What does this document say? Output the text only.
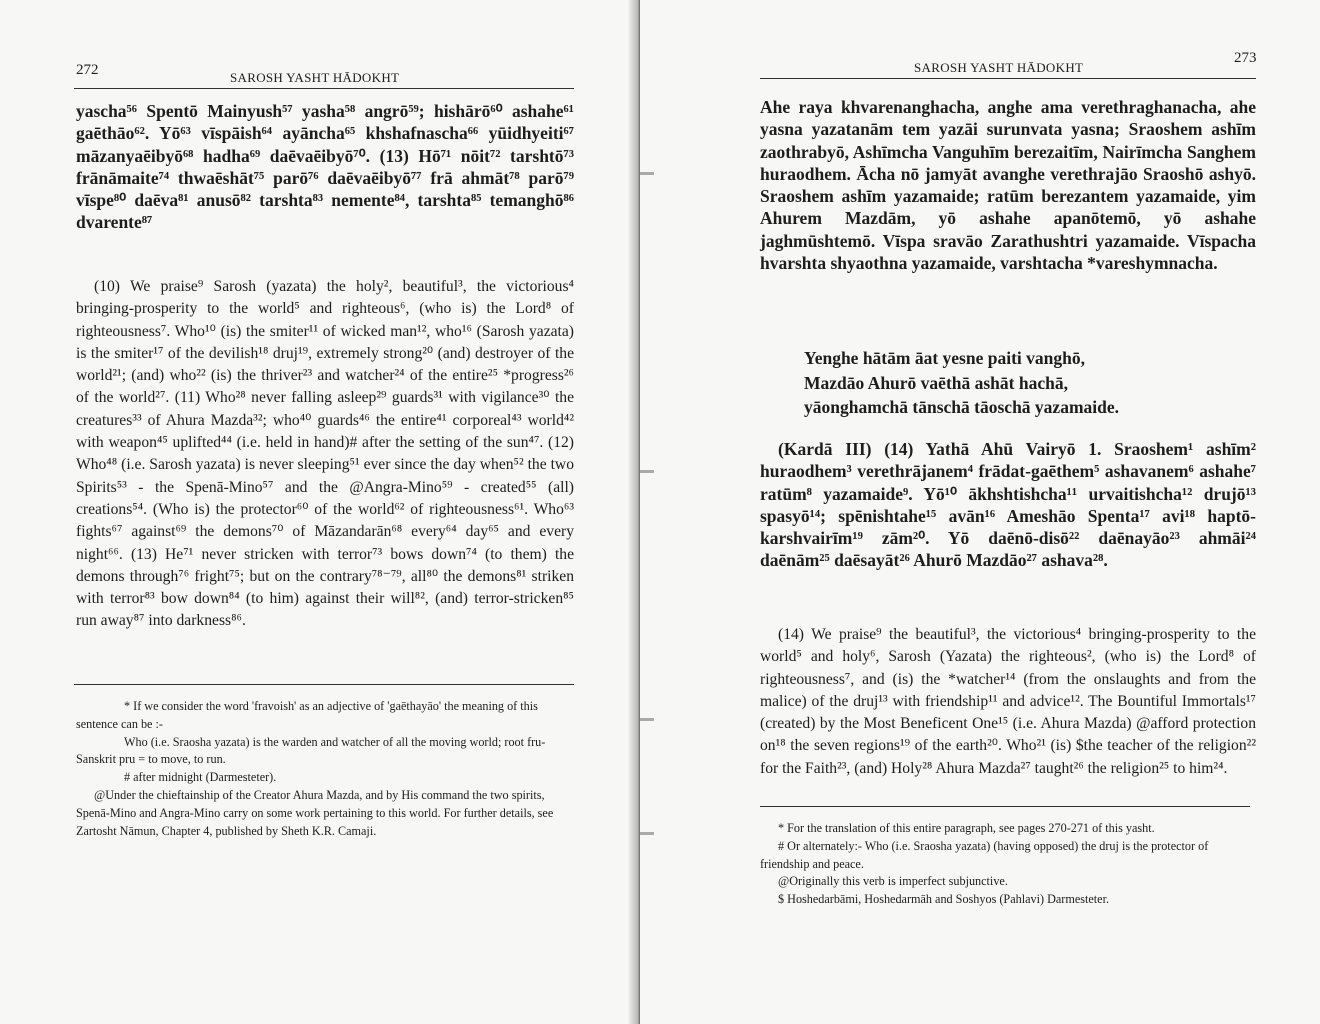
272	SAROSH YASHT HĀDOKHT

yascha⁵⁶ Spentō Mainyush⁵⁷ yasha⁵⁸ angrō⁵⁹; hishārō⁶⁰ ashahe⁶¹ gaēthāo⁶². Yō⁶³ vīspāish⁶⁴ ayāncha⁶⁵ khshafnascha⁶⁶ yūidhyeiti⁶⁷ māzanyaēibyō⁶⁸ hadha⁶⁹ daēvaēibyō⁷⁰. (13) Hō⁷¹ nōit⁷² tarshtō⁷³ frānāmaite⁷⁴ thwaēshāt⁷⁵ parō⁷⁶ daēvaēibyō⁷⁷ frā ahmāt⁷⁸ parō⁷⁹ vīspe⁸⁰ daēva⁸¹ anusō⁸² tarshta⁸³ nemente⁸⁴, tarshta⁸⁵ temanghō⁸⁶ dvarente⁸⁷

(10) We praise⁹ Sarosh (yazata) the holy², beautiful³, the victorious⁴ bringing-prosperity to the world⁵ and righteous⁶, (who is) the Lord⁸ of righteousness⁷. Who¹⁰ (is) the smiter¹¹ of wicked man¹², who¹⁶ (Sarosh yazata) is the smiter¹⁷ of the devilish¹⁸ druj¹⁹, extremely strong²⁰ (and) destroyer of the world²¹; (and) who²² (is) the thriver²³ and watcher²⁴ of the entire²⁵ *progress²⁶ of the world²⁷. (11) Who²⁸ never falling asleep²⁹ guards³¹ with vigilance³⁰ the creatures³³ of Ahura Mazda³²; who⁴⁰ guards⁴⁶ the entire⁴¹ corporeal⁴³ world⁴² with weapon⁴⁵ uplifted⁴⁴ (i.e. held in hand)# after the setting of the sun⁴⁷. (12) Who⁴⁸ (i.e. Sarosh yazata) is never sleeping⁵¹ ever since the day when⁵² the two Spirits⁵³ - the Spenā-Mino⁵⁷ and the @Angra-Mino⁵⁹ - created⁵⁵ (all) creations⁵⁴. (Who is) the protector⁶⁰ of the world⁶² of righteousness⁶¹. Who⁶³ fights⁶⁷ against⁶⁹ the demons⁷⁰ of Māzandarān⁶⁸ every⁶⁴ day⁶⁵ and every night⁶⁶. (13) He⁷¹ never stricken with terror⁷³ bows down⁷⁴ (to them) the demons through⁷⁶ fright⁷⁵; but on the contrary⁷⁸⁻⁷⁹, all⁸⁰ the demons⁸¹ striken with terror⁸³ bow down⁸⁴ (to him) against their will⁸², (and) terror-stricken⁸⁵ run away⁸⁷ into darkness⁸⁶.

* If we consider the word 'fravoish' as an adjective of 'gaēthayāo' the meaning of this sentence can be :-

Who (i.e. Sraosha yazata) is the warden and watcher of all the moving world; root fru-Sanskrit pru = to move, to run.

# after midnight (Darmesteter).

@Under the chieftainship of the Creator Ahura Mazda, and by His command the two spirits, Spenā-Mino and Angra-Mino carry on some work pertaining to this world. For further details, see Zartosht Nāmun, Chapter 4, published by Sheth K.R. Camaji.

273
SAROSH YASHT HĀDOKHT

Ahe raya khvarenanghacha, anghe ama verethraghanacha, ahe yasna yazatanām tem yazāi surunvata yasna; Sraoshem ashīm zaothrabyō, Ashīmcha Vanguhīm berezaitīm, Nairīmcha Sanghem huraodhem. Ācha nō jamyāt avanghe verethrajāo Sraoshō ashyō. Sraoshem ashīm yazamaide; ratūm berezantem yazamaide, yim Ahurem Mazdām, yō ashahe apanōtemō, yō ashahe jaghmūshtemō. Vīspa sravāo Zarathushtri yazamaide. Vīspacha hvarshta shyaothna yazamaide, varshtacha *vareshymnacha.

Yenghe hātām āat yesne paiti vanghō,
Mazdāo Ahurō vaēthā ashāt hachā,
yāonghamchā tānschā tāoschā yazamaide.

(Kardā III) (14) Yathā Ahū Vairyō 1. Sraoshem¹ ashīm² huraodhem³ verethrājanem⁴ frādat-gaēthem⁵ ashavanem⁶ ashahe⁷ ratūm⁸ yazamaide⁹. Yō¹⁰ ākhshtishcha¹¹ urvaitishcha¹² drujō¹³ spasyō¹⁴; spēnishtahe¹⁵ avān¹⁶ Ameshāo Spenta¹⁷ avi¹⁸ haptō-karshvairīm¹⁹ zām²⁰. Yō daēnō-disō²² daēnayāo²³ ahmāi²⁴ daēnām²⁵ daēsayāt²⁶ Ahurō Mazdāo²⁷ ashava²⁸.

(14) We praise⁹ the beautiful³, the victorious⁴ bringing-prosperity to the world⁵ and holy⁶, Sarosh (Yazata) the righteous², (who is) the Lord⁸ of righteousness⁷, and (is) the *watcher¹⁴ (from the onslaughts and from the malice) of the druj¹³ with friendship¹¹ and advice¹². The Bountiful Immortals¹⁷ (created) by the Most Beneficent One¹⁵ (i.e. Ahura Mazda) @afford protection on¹⁸ the seven regions¹⁹ of the earth²⁰. Who²¹ (is) $the teacher of the religion²² for the Faith²³, (and) Holy²⁸ Ahura Mazda²⁷ taught²⁶ the religion²⁵ to him²⁴.

* For the translation of this entire paragraph, see pages 270-271 of this yasht.

# Or alternately:- Who (i.e. Sraosha yazata) (having opposed) the druj is the protector of friendship and peace.

@Originally this verb is imperfect subjunctive.

$ Hoshedarbāmi, Hoshedarmāh and Soshyos (Pahlavi) Darmesteter.
